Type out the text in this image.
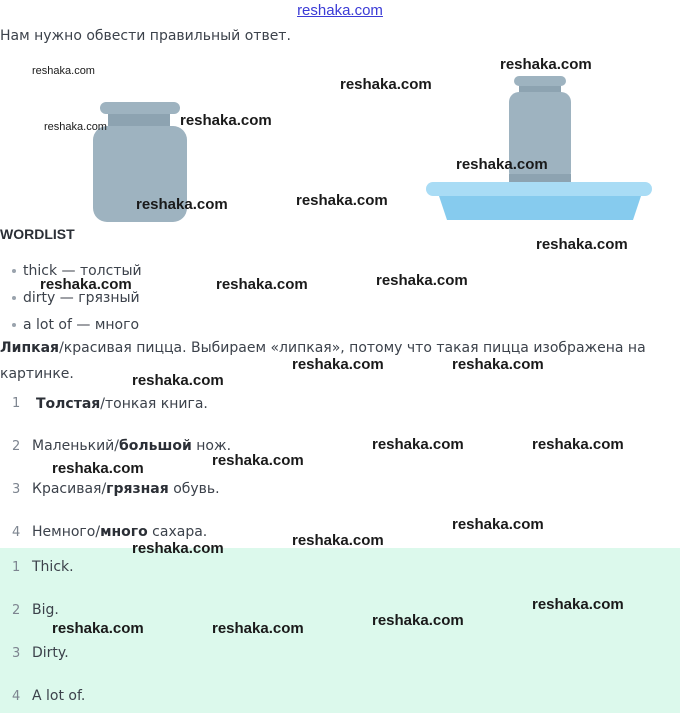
reshaka.com
Нам нужно обвести правильный ответ.
WORDLIST
thick — толстый
dirty — грязный
a lot of — много
Липкая/красивая пицца. Выбираем «липкая», потому что такая пицца изображена на
картинке.
1 Толстая/тонкая книга.
2 Маленький/большой нож.
3 Красивая/грязная обувь.
4 Немного/много сахара.
1 Thick.
2 Big.
3 Dirty.
4 A lot of.
reshaka.com
reshaka.com
reshaka.com
reshaka.com
reshaka.com
reshaka.com
reshaka.com	reshaka.com
reshaka.com
reshaka.com	reshaka.com	reshaka.com
reshaka.com	reshaka.com
reshaka.com
reshaka.com	reshaka.com
reshaka.com
reshaka.com
reshaka.com
reshaka.com
reshaka.com
reshaka.com
reshaka.com
reshaka.com	reshaka.com
